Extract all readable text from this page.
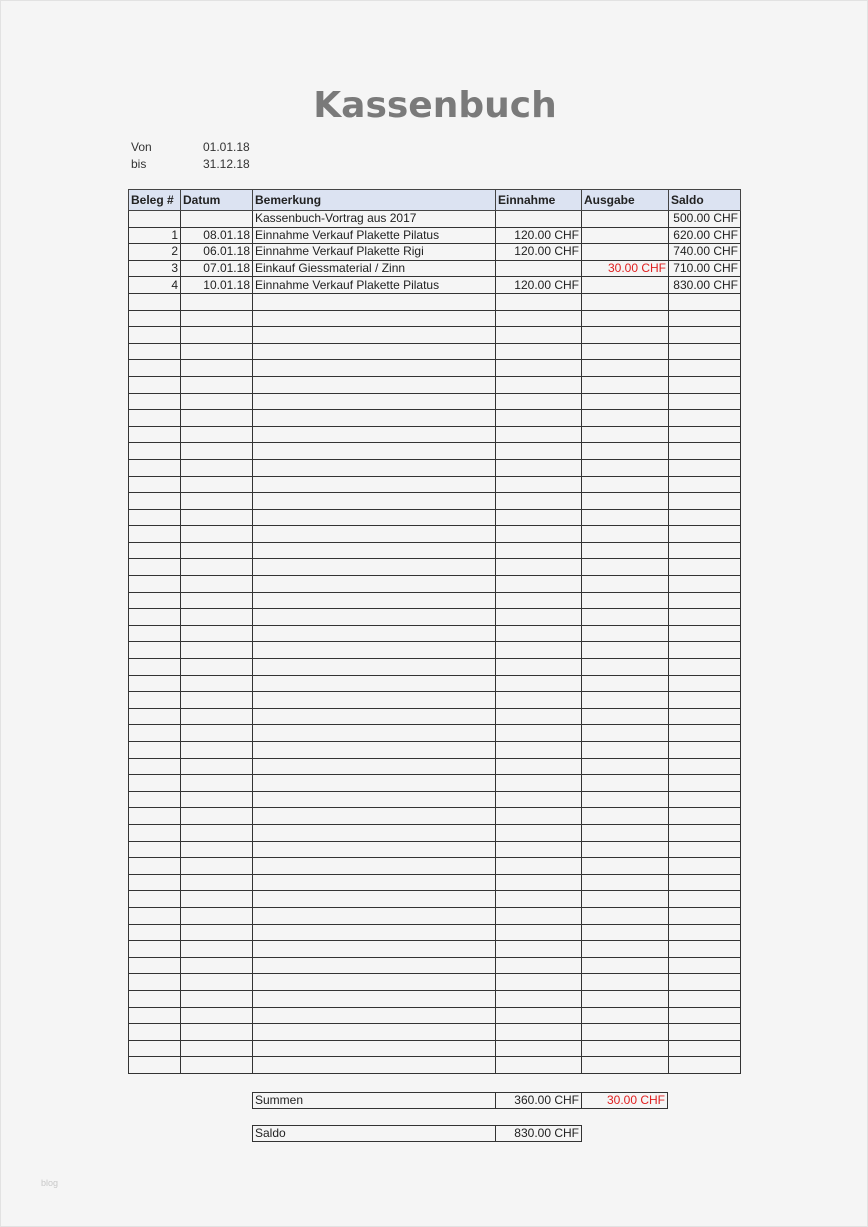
Kassenbuch
Von	01.01.18
bis	31.12.18
Beleg #	Datum	Bemerkung	Einnahme	Ausgabe	Saldo
		Kassenbuch-Vortrag aus 2017			500.00 CHF
1	08.01.18	Einnahme Verkauf Plakette Pilatus	120.00 CHF		620.00 CHF
2	06.01.18	Einnahme Verkauf Plakette Rigi	120.00 CHF		740.00 CHF
3	07.01.18	Einkauf Giessmaterial / Zinn		30.00 CHF	710.00 CHF
4	10.01.18	Einnahme Verkauf Plakette Pilatus	120.00 CHF		830.00 CHF

Summen	360.00 CHF	30.00 CHF
Saldo	830.00 CHF
blog
